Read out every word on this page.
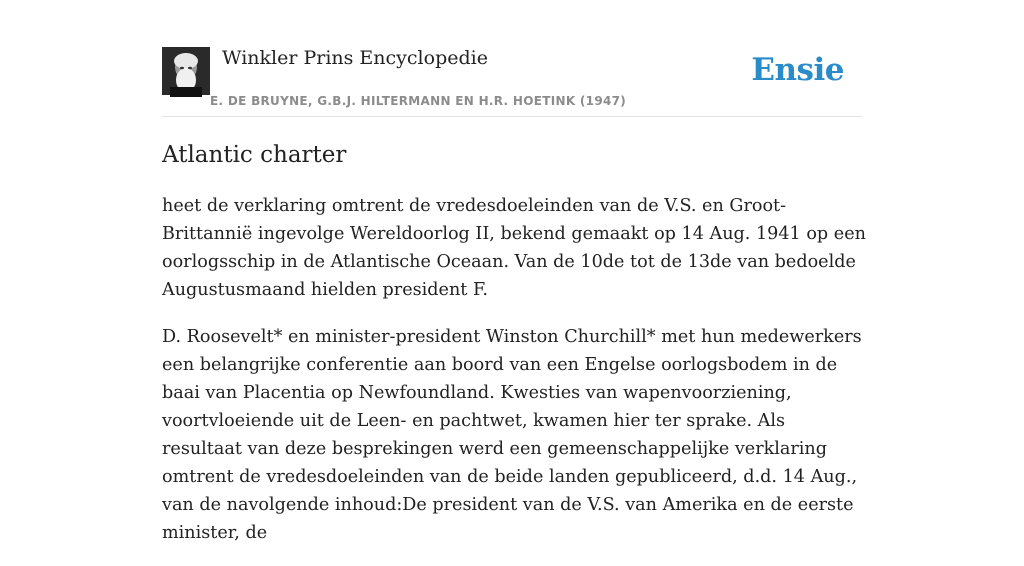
Winkler Prins Encyclopedie
E. DE BRUYNE, G.B.J. HILTERMANN EN H.R. HOETINK (1947)
Ensie
Atlantic charter

heet de verklaring omtrent de vredesdoeleinden van de V.S. en Groot-Brittannië ingevolge Wereldoorlog II, bekend gemaakt op 14 Aug. 1941 op een oorlogsschip in de Atlantische Oceaan. Van de 10de tot de 13de van bedoelde Augustusmaand hielden president F.

D. Roosevelt* en minister-president Winston Churchill* met hun medewerkers een belangrijke conferentie aan boord van een Engelse oorlogsbodem in de baai van Placentia op Newfoundland. Kwesties van wapenvoorziening, voortvloeiende uit de Leen- en pachtwet, kwamen hier ter sprake. Als resultaat van deze besprekingen werd een gemeenschappelijke verklaring omtrent de vredesdoeleinden van de beide landen gepubliceerd, d.d. 14 Aug., van de navolgende inhoud:De president van de V.S. van Amerika en de eerste minister, de
